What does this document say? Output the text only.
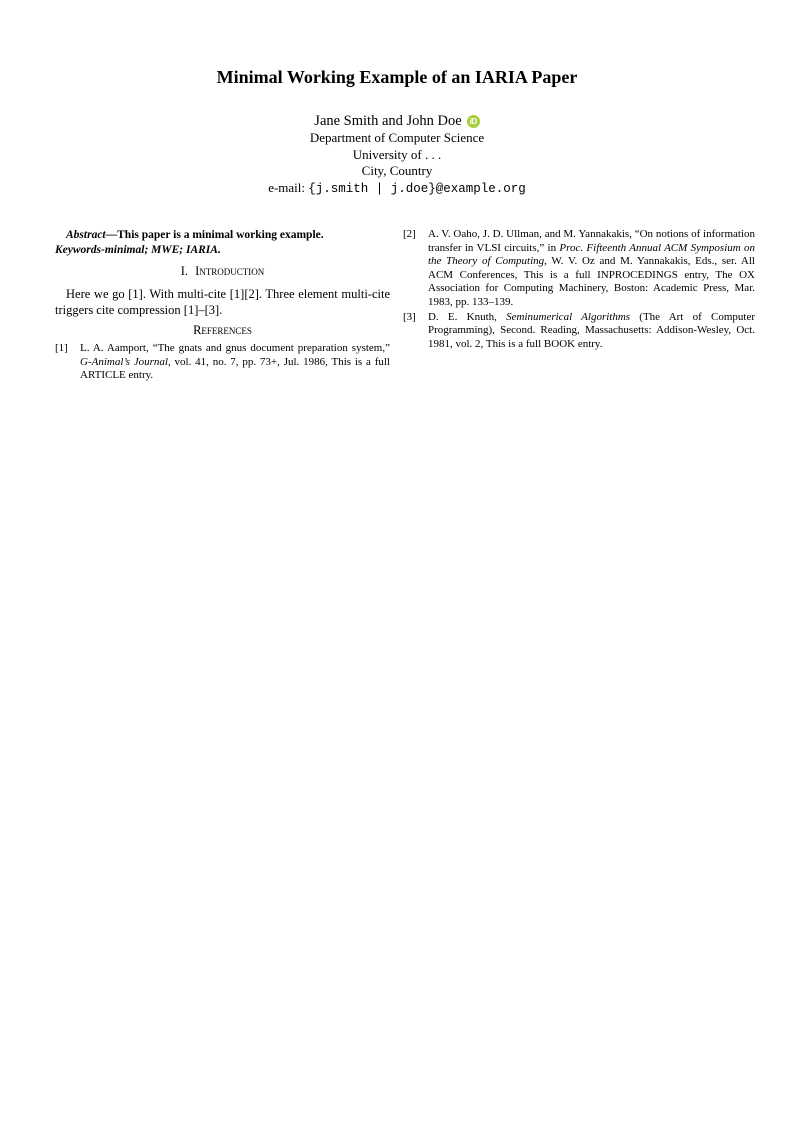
Minimal Working Example of an IARIA Paper
Jane Smith and John Doe iD
Department of Computer Science
University of . . .
City, Country
e-mail: {j.smith | j.doe}@example.org

Abstract—This paper is a minimal working example.

Keywords-minimal; MWE; IARIA.

I. Introduction

Here we go [1]. With multi-cite [1][2]. Three element multi-cite triggers cite compression [1]–[3].

References
[1]	L. A. Aamport, “The gnats and gnus document preparation system,” G-Animal’s Journal, vol. 41, no. 7, pp. 73+, Jul. 1986, This is a full ARTICLE entry.
[2]	A. V. Oaho, J. D. Ullman, and M. Yannakakis, “On notions of information transfer in VLSI circuits,” in Proc. Fifteenth Annual ACM Symposium on the Theory of Computing, W. V. Oz and M. Yannakakis, Eds., ser. All ACM Conferences, This is a full INPROCEDINGS entry, The OX Association for Computing Machinery, Boston: Academic Press, Mar. 1983, pp. 133–139.
[3]	D. E. Knuth, Seminumerical Algorithms (The Art of Computer Programming), Second. Reading, Massachusetts: Addison-Wesley, Oct. 1981, vol. 2, This is a full BOOK entry.
